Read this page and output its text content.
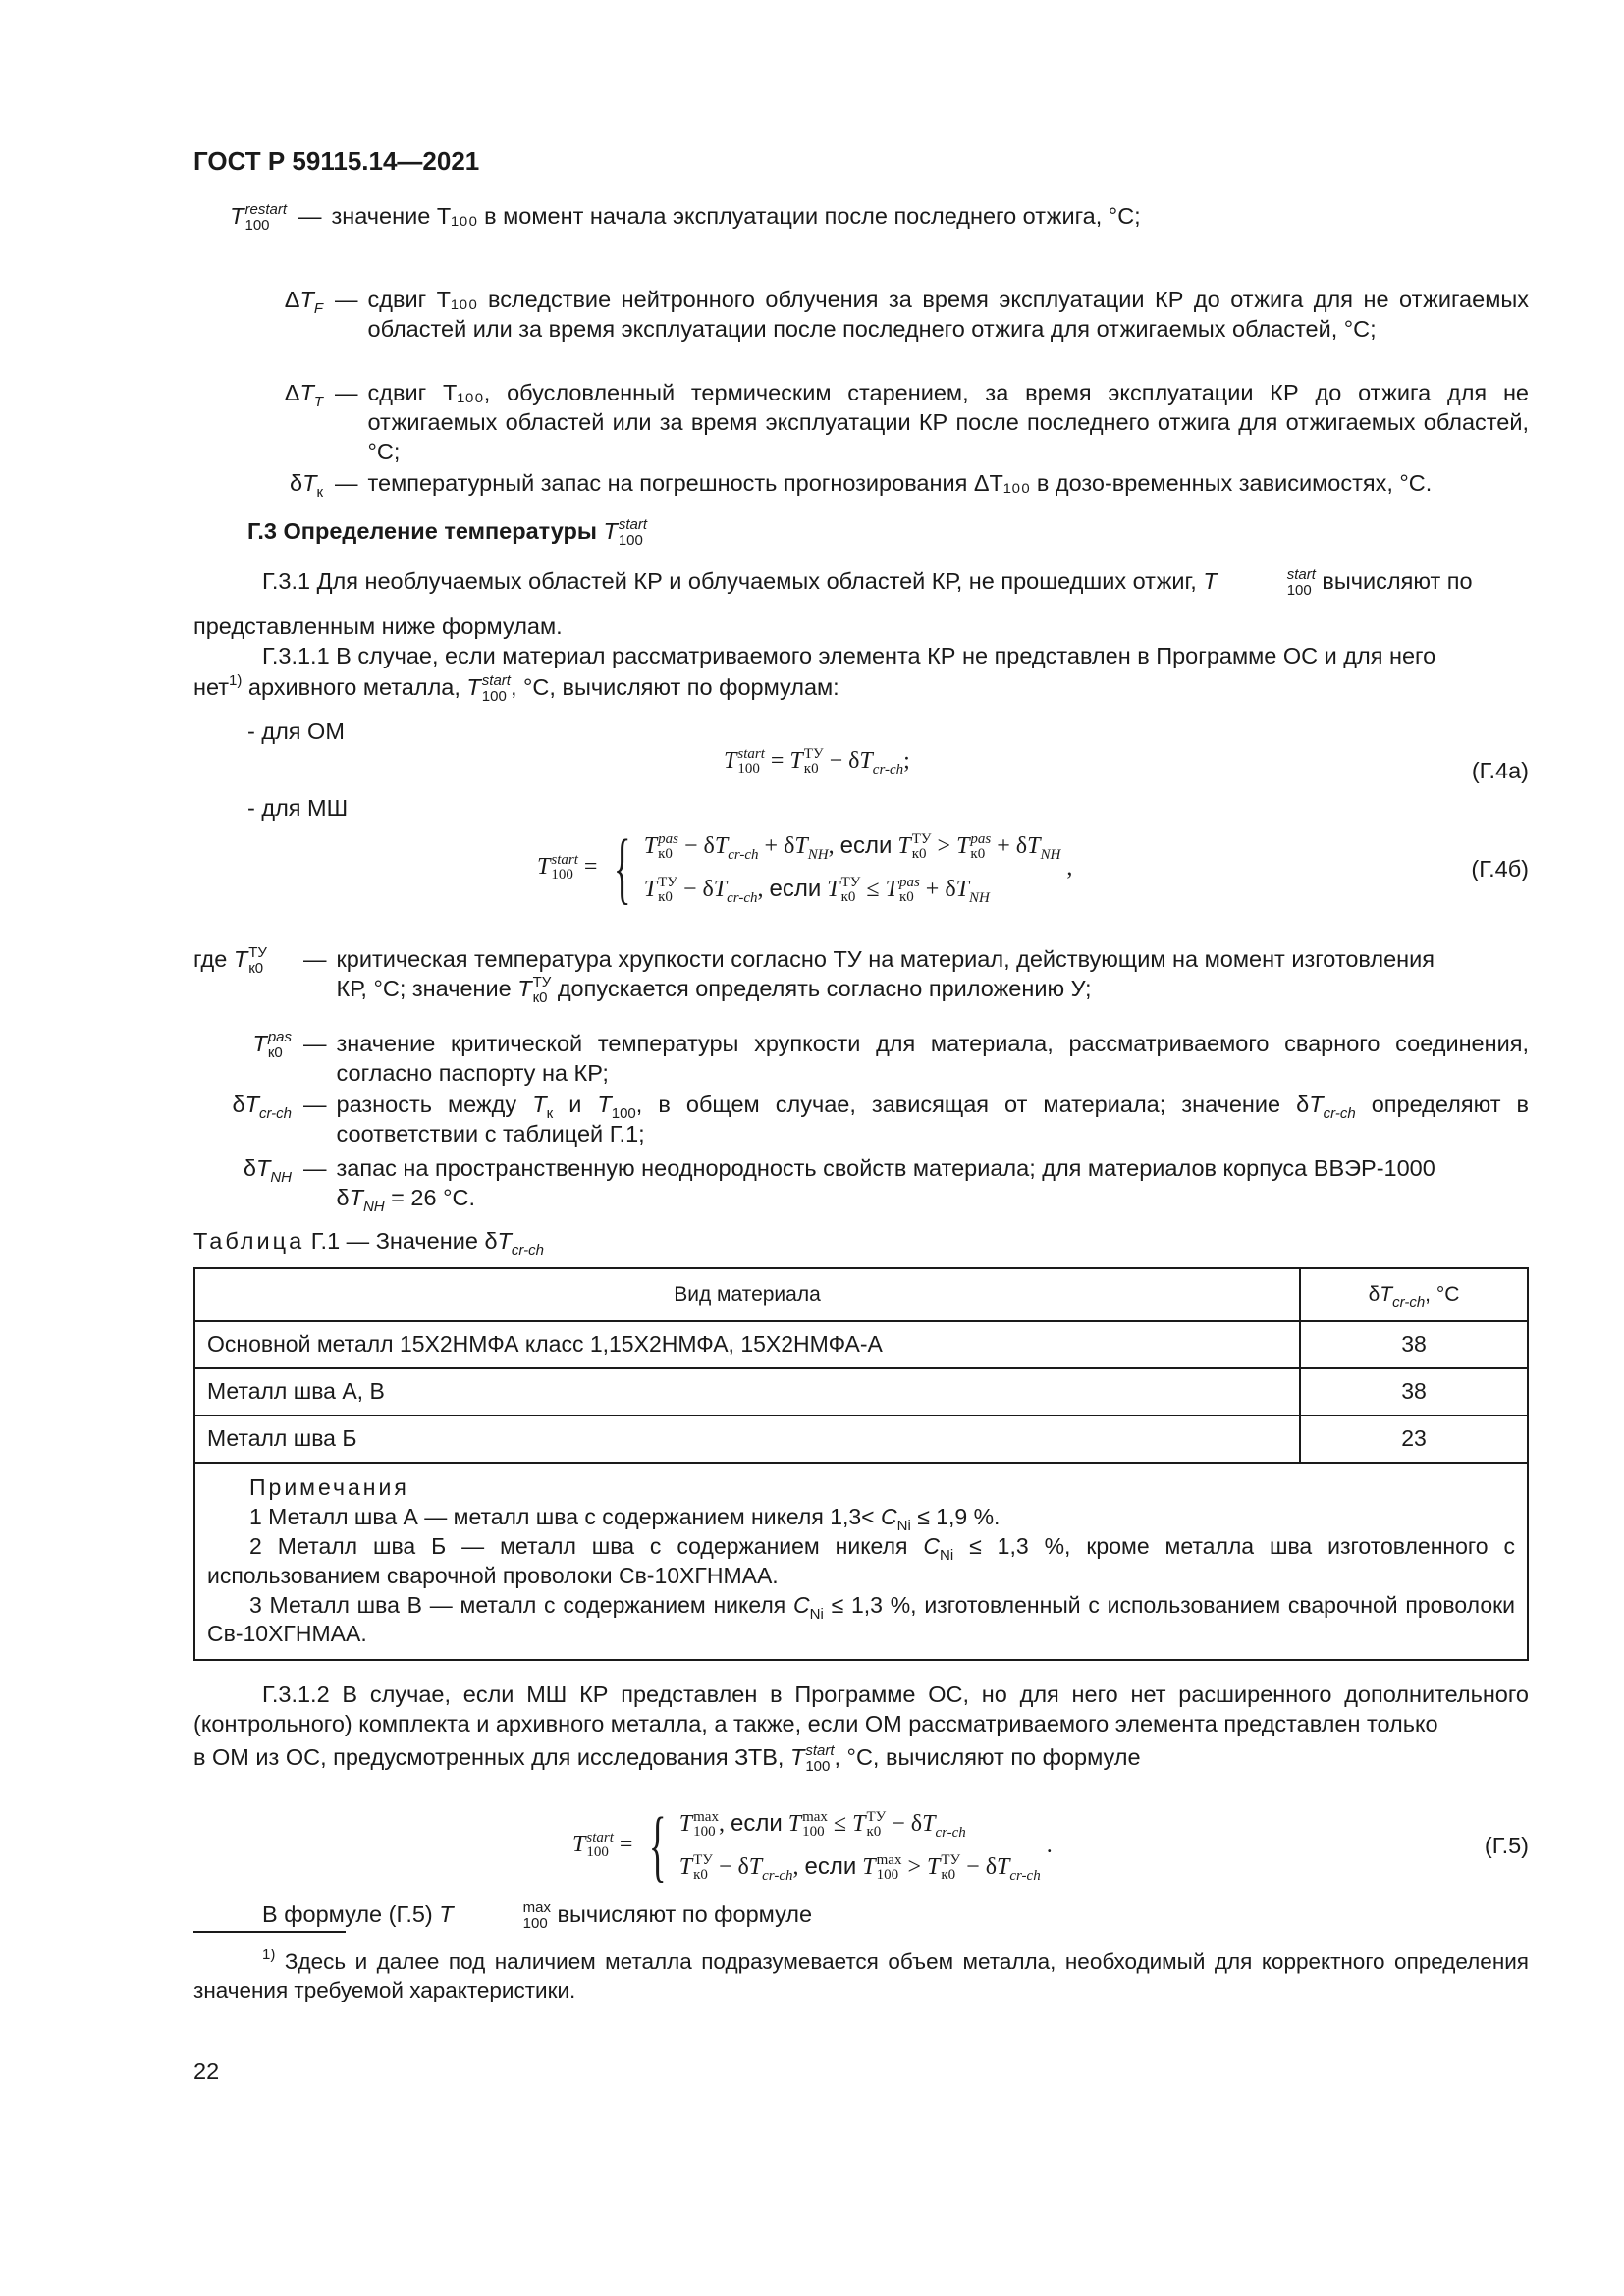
ГОСТ Р 59115.14—2021
T restart
100	— значение T₁₀₀ в момент начала эксплуатации после последнего отжига, °С;
$\Delta T_F$ — сдвиг T₁₀₀ вследствие нейтронного облучения за время эксплуатации КР до отжига для не отжигаемых областей или за время эксплуатации после последнего отжига для отжигаемых областей, °С;
$\Delta T_T$ — сдвиг T₁₀₀, обусловленный термическим старением, за время эксплуатации КР до отжига для не отжигаемых областей или за время эксплуатации КР после последнего отжига для отжигаемых областей, °С;
$\delta T_к$ — температурный запас на погрешность прогнозирования ΔT₁₀₀ в дозо-временных зависимостях, °С.
Г.3 Определение температуры T start
100
Г.3.1 Для необлучаемых областей КР и облучаемых областей КР, не прошедших отжиг, T	start
100 вычисляют по
представленным ниже формулам.
Г.3.1.1 В случае, если материал рассматриваемого элемента КР не представлен в Программе ОС и для него
нет$^{1)}$ архивного металла, T start
100 , °С, вычисляют по формулам:
- для ОМ
T start
100 = T ТУ
$к0 - \delta T_{cr-ch}$;	(Г.4а)
- для МШ
T start
100 = { T pas
$к0 - \delta T_{cr-ch} + \delta T_{NH}$, если T ТУ
к0 > T pas
$к0 + \delta T_{NH}$
T ТУ
$к0 - \delta T_{cr-ch}$, если T ТУ
к0 ≤ T pas
$к0 + \delta T_{NH}$
,	(Г.4б)
где T ТУ
к0	— критическая температура хрупкости согласно ТУ на материал, действующим на момент изготовления
КР, °С; значение T ТУ
к0 допускается определять согласно приложению У;
T pas
к0 — значение критической температуры хрупкости для материала, рассматриваемого сварного соединения, согласно паспорту на КР;
$\delta T_{cr-ch}$ — разность между $T_к$ и $T_{100}$, в общем случае, зависящая от материала; значение $\delta T_{cr-ch}$ определяют в соответствии с таблицей Г.1;
$\delta T_{NH}$ — запас на пространственную неоднородность свойств материала; для материалов корпуса ВВЭР-1000
$\delta T_{NH} = 26$ °С.
Таблица Г.1 — Значение $\delta T_{cr-ch}$
Вид материала	$\delta T_{cr-ch}$, °С
Основной металл 15Х2НМФА класс 1,15Х2НМФА, 15Х2НМФА-А	38
Металл шва А, В	38
Металл шва Б	23

Примечания
1 Металл шва А — металл шва с содержанием никеля $1,3< C_{Ni} \le 1,9$ %.
2 Металл шва Б — металл шва с содержанием никеля $C_{Ni} \le 1,3$ %, кроме металла шва изготовленного с использованием сварочной проволоки Св-10ХГНМАА.
3 Металл шва В — металл с содержанием никеля $C_{Ni} \le 1,3$ %, изготовленный с использованием сварочной проволоки Св-10ХГНМАА.	
Г.3.1.2 В случае, если МШ КР представлен в Программе ОС, но для него нет расширенного дополнительного (контрольного) комплекта и архивного металла, а также, если ОМ рассматриваемого элемента представлен только
в ОМ из ОС, предусмотренных для исследования ЗТВ, T start
100 , °С, вычисляют по формуле
T start
100 = { T max
100 , если T max
100 ≤ T ТУ
$к0 - \delta T_{cr-ch}$
T ТУ
$к0 - \delta T_{cr-ch}$, если T max
100 > T ТУ
$к0 - \delta T_{cr-ch}$
.	(Г.5)
В формуле (Г.5) T	max
100 вычисляют по формуле
$^{1)}$ Здесь и далее под наличием металла подразумевается объем металла, необходимый для корректного определения значения требуемой характеристики.
22
